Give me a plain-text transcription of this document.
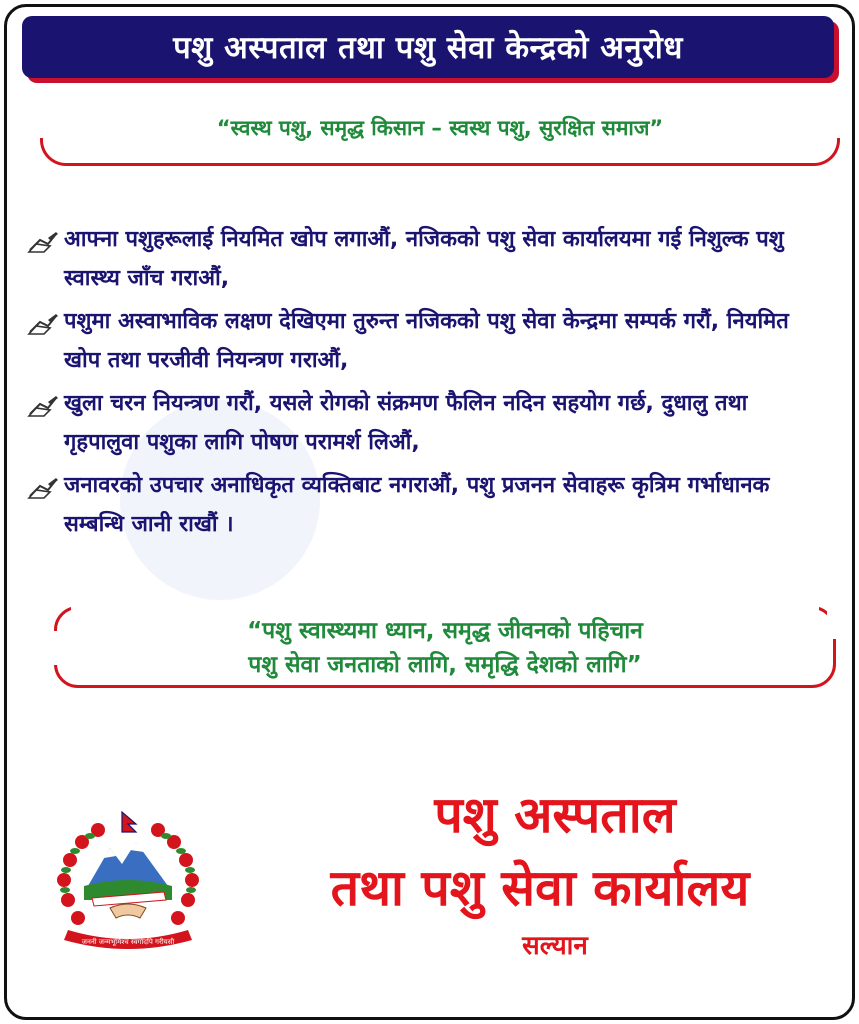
पशु अस्पताल तथा पशु सेवा केन्द्रको अनुरोध
“स्वस्थ पशु, समृद्ध किसान – स्वस्थ पशु, सुरक्षित समाज”
आफ्ना पशुहरूलाई नियमित खोप लगाऔं, नजिकको पशु सेवा कार्यालयमा गई निशुल्क पशु स्वास्थ्य जाँच गराऔं,
पशुमा अस्वाभाविक लक्षण देखिएमा तुरुन्त नजिकको पशु सेवा केन्द्रमा सम्पर्क गरौं, नियमित खोप तथा परजीवी नियन्त्रण गराऔं,
खुला चरन नियन्त्रण गरौं, यसले रोगको संक्रमण फैलिन नदिन सहयोग गर्छ, दुधालु तथा गृहपालुवा पशुका लागि पोषण परामर्श लिऔं,
जनावरको उपचार अनाधिकृत व्यक्तिबाट नगराऔं, पशु प्रजनन सेवाहरू कृत्रिम गर्भाधानक सम्बन्धि जानी राखौं ।
“पशु स्वास्थ्यमा ध्यान, समृद्ध जीवनको पहिचान
पशु सेवा जनताको लागि, समृद्धि देशको लागि”
जननी जन्मभूमिश्च स्वर्गादपि गरीयसी
पशु अस्पताल
तथा पशु सेवा कार्यालय
सल्यान
